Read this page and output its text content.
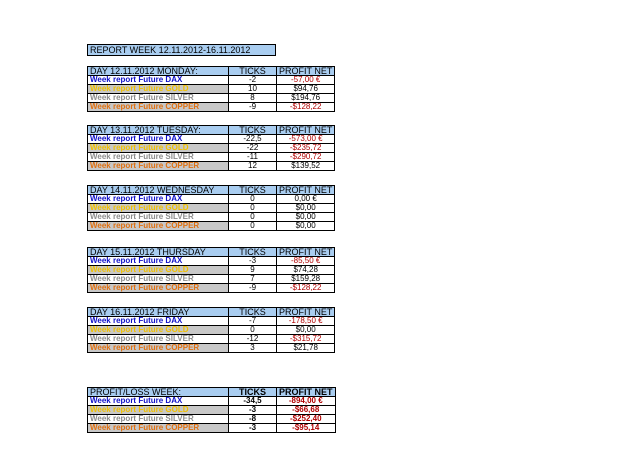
REPORT WEEK 12.11.2012-16.11.2012
DAY 12.11.2012 MONDAY:	TICKS	PROFIT NET
Week report Future DAX	-2	-57,00 €
Week report Future GOLD	10	$94,76
Week report Future SILVER	8	$194,76
Week report Future COPPER	-9	-$128,22
DAY 13.11.2012 TUESDAY:	TICKS	PROFIT NET
Week report Future DAX	-22,5	-573,00 €
Week report Future GOLD	-22	-$235,72
Week report Future SILVER	-11	-$290,72
Week report Future COPPER	12	$139,52
DAY 14.11.2012 WEDNESDAY	TICKS	PROFIT NET
Week report Future DAX	0	0,00 €
Week report Future GOLD	0	$0,00
Week report Future SILVER	0	$0,00
Week report Future COPPER	0	$0,00
DAY 15.11.2012 THURSDAY	TICKS	PROFIT NET
Week report Future DAX	-3	-85,50 €
Week report Future GOLD	9	$74,28
Week report Future SILVER	7	$159,28
Week report Future COPPER	-9	-$128,22
DAY 16.11.2012 FRIDAY	TICKS	PROFIT NET
Week report Future DAX	-7	-178,50 €
Week report Future GOLD	0	$0,00
Week report Future SILVER	-12	-$315,72
Week report Future COPPER	3	$21,78
PROFIT/LOSS WEEK:	TICKS	PROFIT NET
Week report Future DAX	-34,5	-894,00 €
Week report Future GOLD	-3	-$66,68
Week report Future SILVER	-8	-$252,40
Week report Future COPPER	-3	-$95,14
